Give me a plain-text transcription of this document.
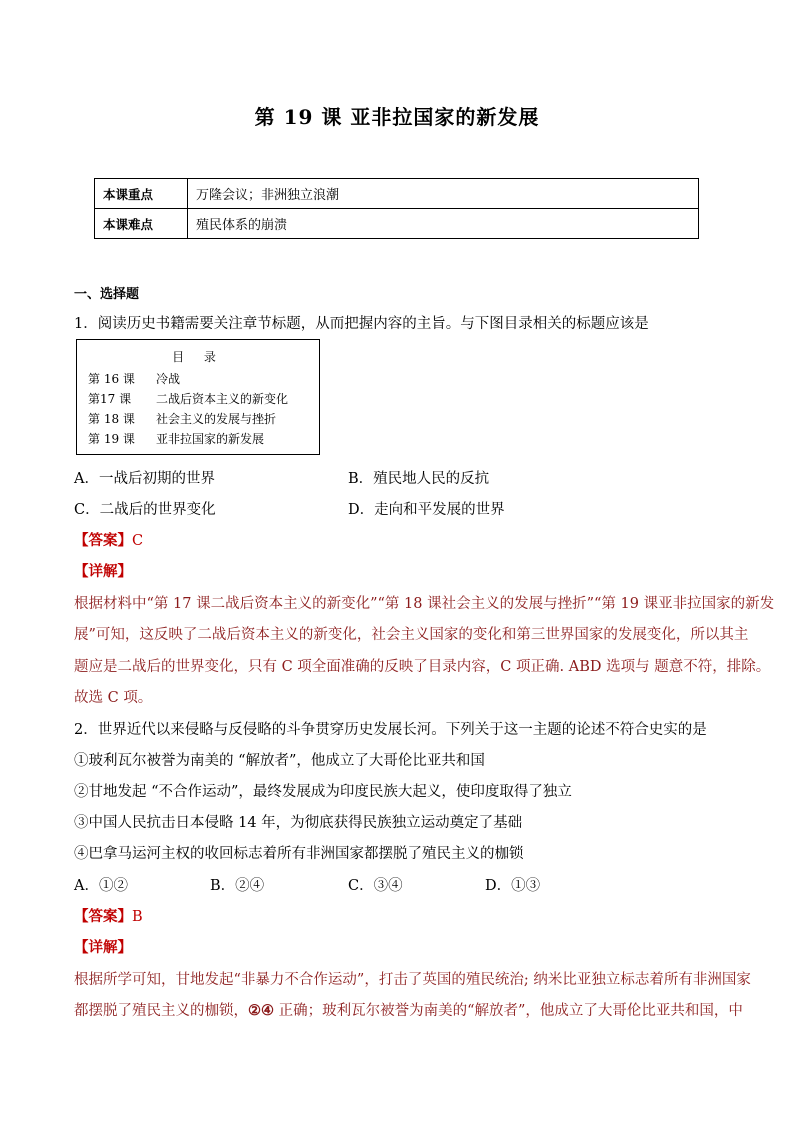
第 19 课 亚非拉国家的新发展
本课重点	万隆会议；非洲独立浪潮
本课难点	殖民体系的崩溃
一、选择题
1．阅读历史书籍需要关注章节标题，从而把握内容的主旨。与下图目录相关的标题应该是
目 录
第 16 课 冷战
第17 课 二战后资本主义的新变化
第 18 课 社会主义的发展与挫折
第 19 课 亚非拉国家的新发展
A．一战后初期的世界	B．殖民地人民的反抗
C．二战后的世界变化	D．走向和平发展的世界
【答案】C
【详解】
根据材料中“第 17 课二战后资本主义的新变化”“第 18 课社会主义的发展与挫折”“第 19 课亚非拉国家的新发
展”可知，这反映了二战后资本主义的新变化，社会主义国家的变化和第三世界国家的发展变化，所以其主
题应是二战后的世界变化，只有 C 项全面准确的反映了目录内容，C 项正确. ABD 选项与 题意不符，排除。
故选 C 项。
2．世界近代以来侵略与反侵略的斗争贯穿历史发展长河。下列关于这一主题的论述不符合史实的是
①玻利瓦尔被誉为南美的 “解放者”，他成立了大哥伦比亚共和国
②甘地发起 “不合作运动”，最终发展成为印度民族大起义，使印度取得了独立
③中国人民抗击日本侵略 14 年，为彻底获得民族独立运动奠定了基础
④巴拿马运河主权的收回标志着所有非洲国家都摆脱了殖民主义的枷锁
A．①②	B．②④	C．③④	D．①③
【答案】B
【详解】
根据所学可知，甘地发起“非暴力不合作运动”，打击了英国的殖民统治; 纳米比亚独立标志着所有非洲国家
都摆脱了殖民主义的枷锁，②④ 正确；玻利瓦尔被誉为南美的“解放者”，他成立了大哥伦比亚共和国，中
